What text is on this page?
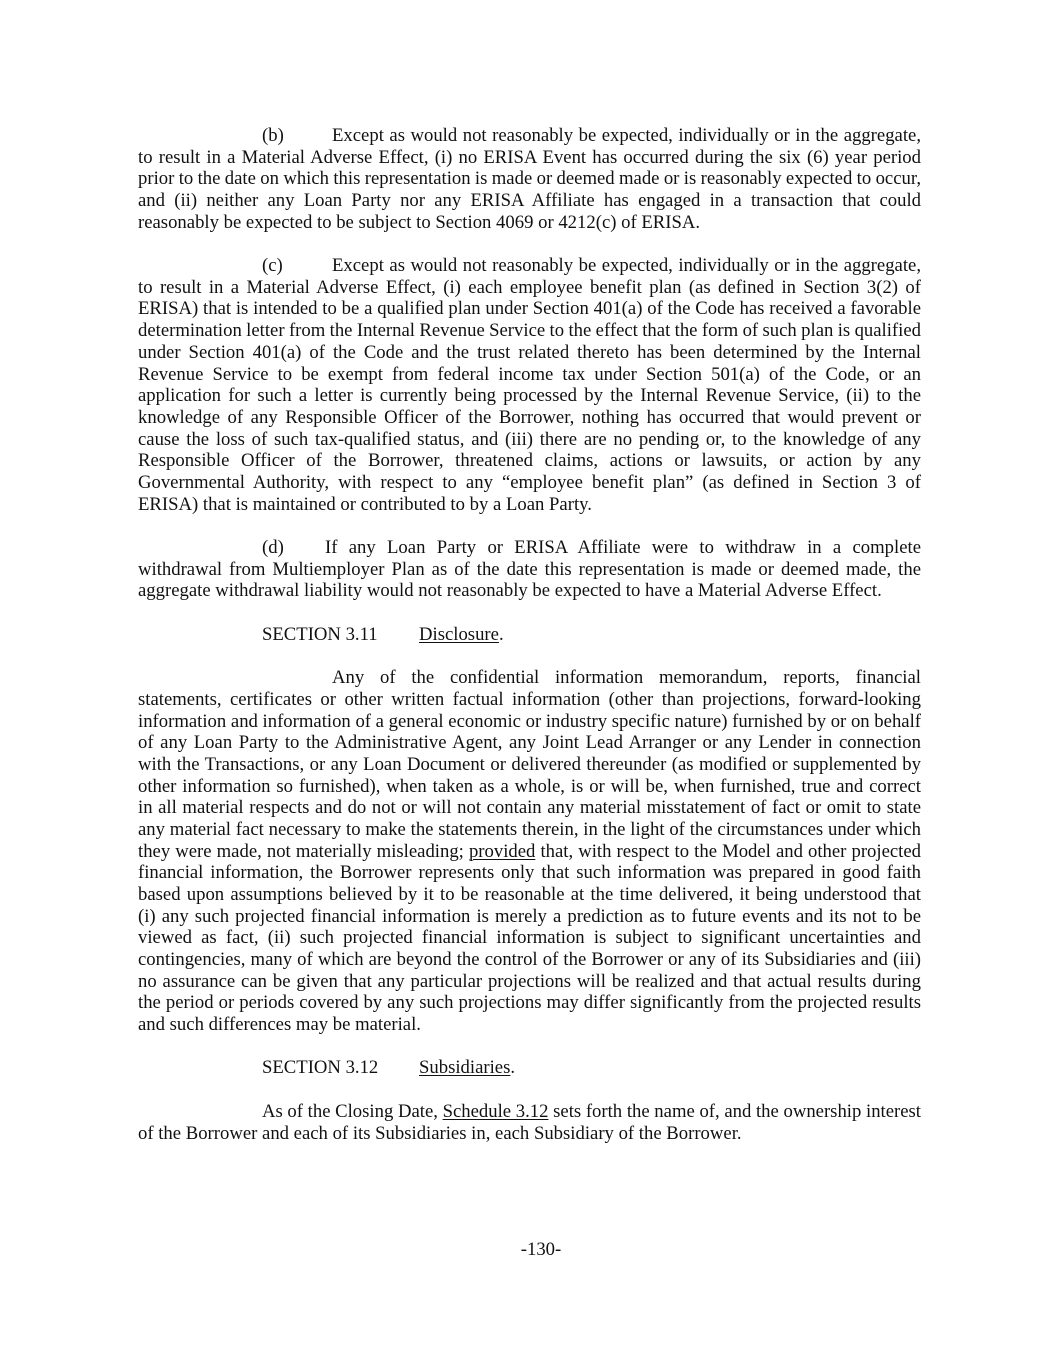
(b)	Except as would not reasonably be expected, individually or in the aggregate,
to result in a Material Adverse Effect, (i) no ERISA Event has occurred during the six (6) year period
prior to the date on which this representation is made or deemed made or is reasonably expected to occur,
and (ii) neither any Loan Party nor any ERISA Affiliate has engaged in a transaction that could
reasonably be expected to be subject to Section 4069 or 4212(c) of ERISA.
(c)	Except as would not reasonably be expected, individually or in the aggregate,
to result in a Material Adverse Effect, (i) each employee benefit plan (as defined in Section 3(2) of
ERISA) that is intended to be a qualified plan under Section 401(a) of the Code has received a favorable
determination letter from the Internal Revenue Service to the effect that the form of such plan is qualified
under Section 401(a) of the Code and the trust related thereto has been determined by the Internal
Revenue Service to be exempt from federal income tax under Section 501(a) of the Code, or an
application for such a letter is currently being processed by the Internal Revenue Service, (ii) to the
knowledge of any Responsible Officer of the Borrower, nothing has occurred that would prevent or
cause the loss of such tax-qualified status, and (iii) there are no pending or, to the knowledge of any
Responsible Officer of the Borrower, threatened claims, actions or lawsuits, or action by any
Governmental Authority, with respect to any “employee benefit plan” (as defined in Section 3 of
ERISA) that is maintained or contributed to by a Loan Party.
(d)	If any Loan Party or ERISA Affiliate were to withdraw in a complete
withdrawal from Multiemployer Plan as of the date this representation is made or deemed made, the
aggregate withdrawal liability would not reasonably be expected to have a Material Adverse Effect.
SECTION 3.11 Disclosure.
Any of the confidential information memorandum, reports, financial
statements, certificates or other written factual information (other than projections, forward-looking
information and information of a general economic or industry specific nature) furnished by or on behalf
of any Loan Party to the Administrative Agent, any Joint Lead Arranger or any Lender in connection
with the Transactions, or any Loan Document or delivered thereunder (as modified or supplemented by
other information so furnished), when taken as a whole, is or will be, when furnished, true and correct
in all material respects and do not or will not contain any material misstatement of fact or omit to state
any material fact necessary to make the statements therein, in the light of the circumstances under which
they were made, not materially misleading; provided that, with respect to the Model and other projected
financial information, the Borrower represents only that such information was prepared in good faith
based upon assumptions believed by it to be reasonable at the time delivered, it being understood that
(i) any such projected financial information is merely a prediction as to future events and its not to be
viewed as fact, (ii) such projected financial information is subject to significant uncertainties and
contingencies, many of which are beyond the control of the Borrower or any of its Subsidiaries and (iii)
no assurance can be given that any particular projections will be realized and that actual results during
the period or periods covered by any such projections may differ significantly from the projected results
and such differences may be material.
SECTION 3.12 Subsidiaries.
As of the Closing Date, Schedule 3.12 sets forth the name of, and the ownership interest
of the Borrower and each of its Subsidiaries in, each Subsidiary of the Borrower.
-130-
